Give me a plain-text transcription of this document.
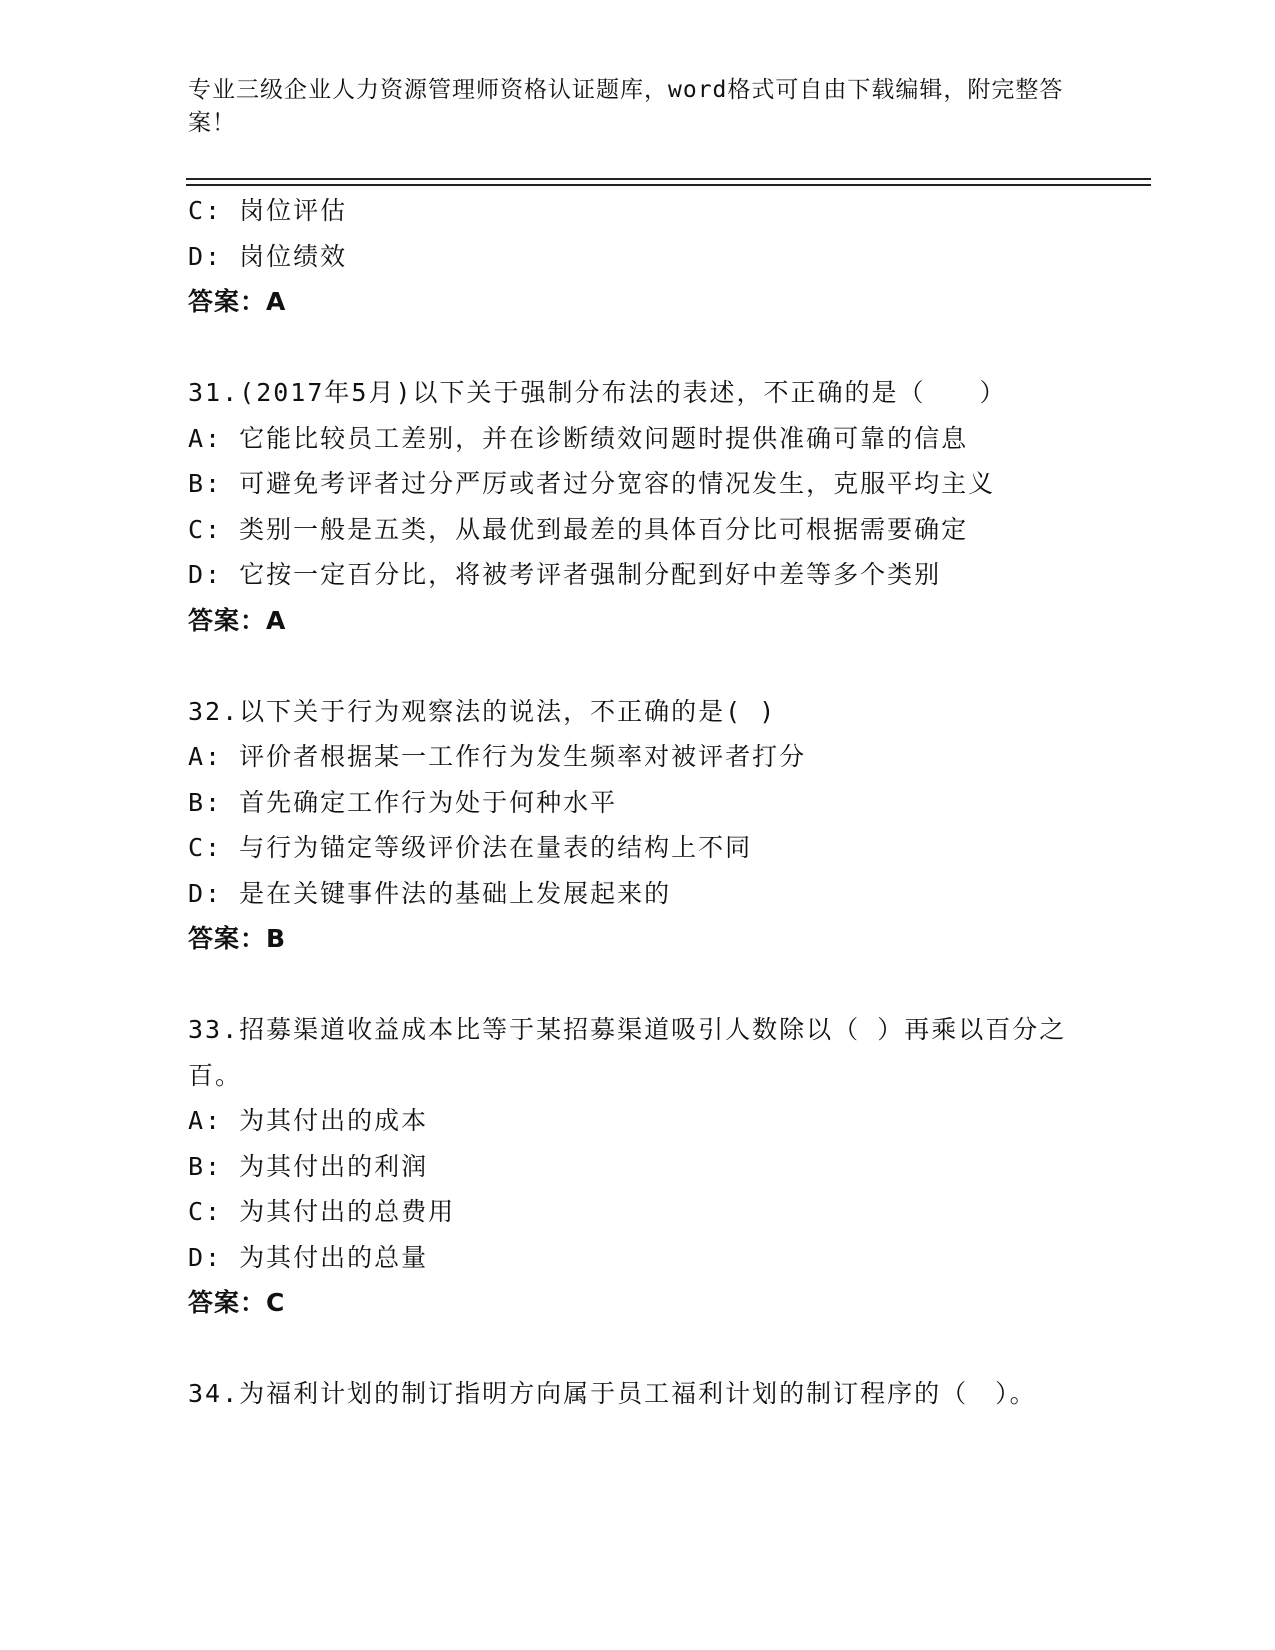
专业三级企业人力资源管理师资格认证题库，word格式可自由下载编辑，附完整答案！

C: 岗位评估

D: 岗位绩效

答案：A

31.(2017年5月)以下关于强制分布法的表述，不正确的是（　　）

A: 它能比较员工差别，并在诊断绩效问题时提供准确可靠的信息

B: 可避免考评者过分严厉或者过分宽容的情况发生，克服平均主义

C: 类别一般是五类，从最优到最差的具体百分比可根据需要确定

D: 它按一定百分比，将被考评者强制分配到好中差等多个类别

答案：A

32.以下关于行为观察法的说法，不正确的是( )

A: 评价者根据某一工作行为发生频率对被评者打分

B: 首先确定工作行为处于何种水平

C: 与行为锚定等级评价法在量表的结构上不同

D: 是在关键事件法的基础上发展起来的

答案：B

33.招募渠道收益成本比等于某招募渠道吸引人数除以（ ）再乘以百分之百。

A: 为其付出的成本

B: 为其付出的利润

C: 为其付出的总费用

D: 为其付出的总量

答案：C

34.为福利计划的制订指明方向属于员工福利计划的制订程序的（　）。
